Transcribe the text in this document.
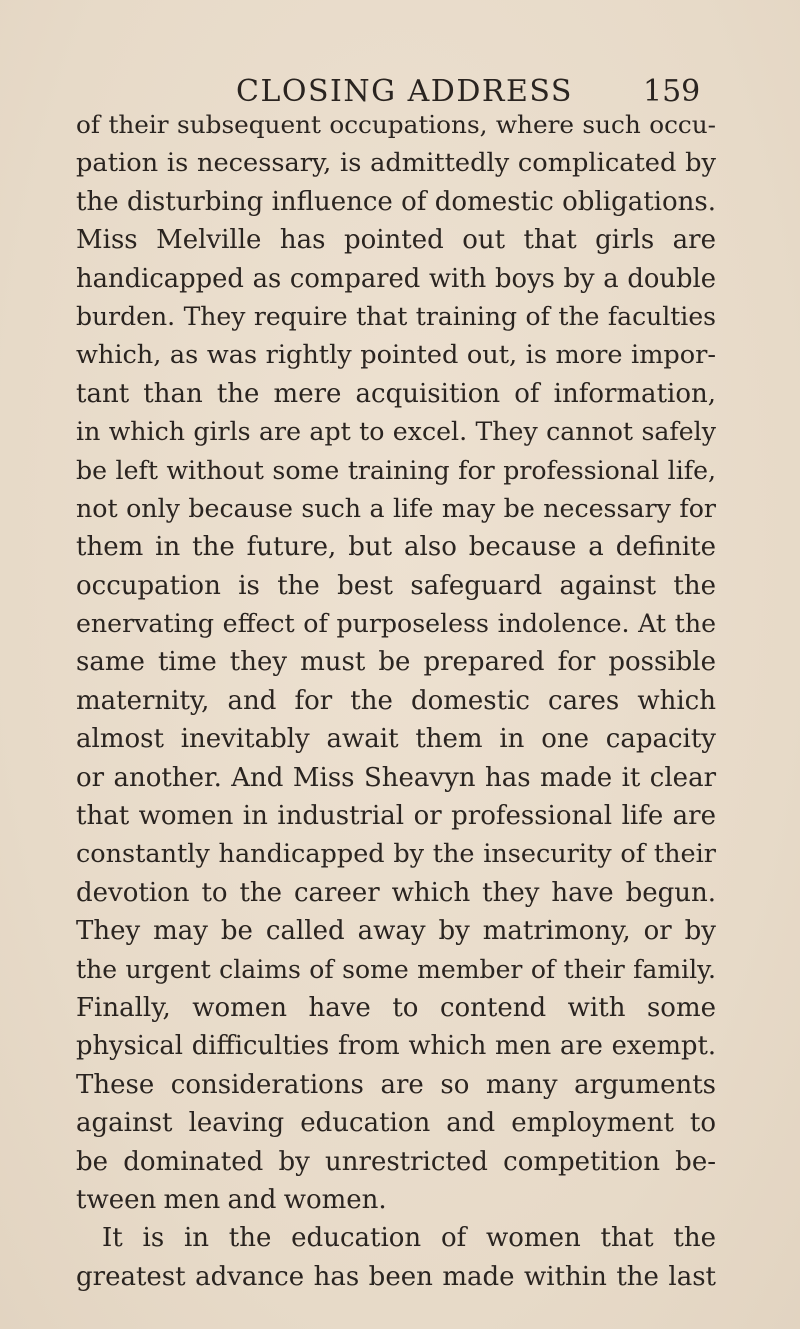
CLOSING ADDRESS 159
of their subsequent occupations, where such occu-
pation is necessary, is admittedly complicated by
the disturbing influence of domestic obligations.
Miss Melville has pointed out that girls are
handicapped as compared with boys by a double
burden. They require that training of the faculties
which, as was rightly pointed out, is more impor-
tant than the mere acquisition of information,
in which girls are apt to excel. They cannot safely
be left without some training for professional life,
not only because such a life may be necessary for
them in the future, but also because a definite
occupation is the best safeguard against the
enervating effect of purposeless indolence. At the
same time they must be prepared for possible
maternity, and for the domestic cares which
almost inevitably await them in one capacity
or another. And Miss Sheavyn has made it clear
that women in industrial or professional life are
constantly handicapped by the insecurity of their
devotion to the career which they have begun.
They may be called away by matrimony, or by
the urgent claims of some member of their family.
Finally, women have to contend with some
physical difficulties from which men are exempt.
These considerations are so many arguments
against leaving education and employment to
be dominated by unrestricted competition be-
tween men and women.
It is in the education of women that the
greatest advance has been made within the last
